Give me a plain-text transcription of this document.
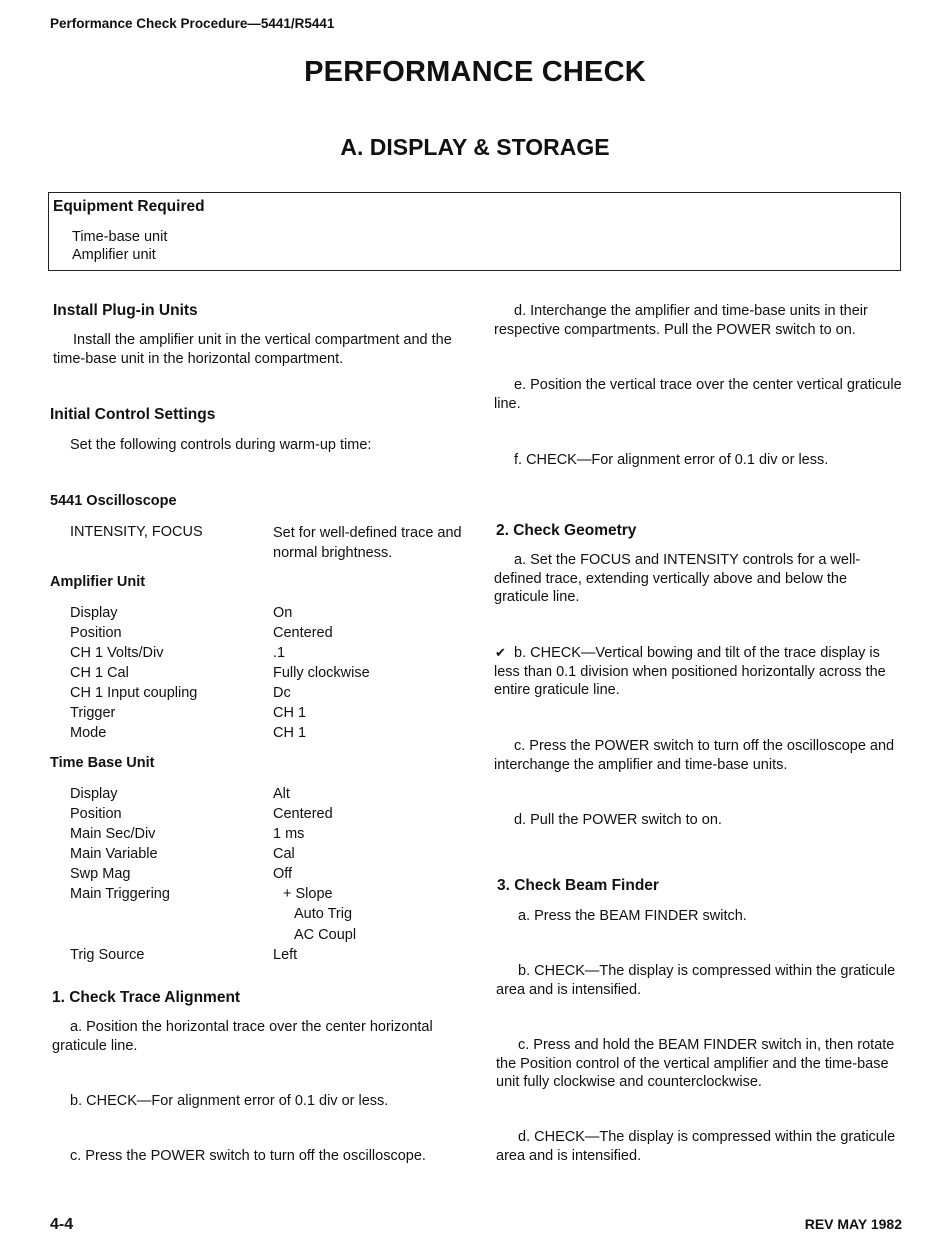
Performance Check Procedure—5441/R5441
PERFORMANCE CHECK
A. DISPLAY & STORAGE
Equipment Required
Time-base unit
Amplifier unit
Install Plug-in Units
Install the amplifier unit in the vertical compartment and the time-base unit in the horizontal compartment.
Initial Control Settings
Set the following controls during warm-up time:
5441 Oscilloscope
INTENSITY, FOCUS	Set for well-defined trace and normal brightness.
Amplifier Unit
Display	On
Position	Centered
CH 1 Volts/Div	.1
CH 1 Cal	Fully clockwise
CH 1 Input coupling	Dc
Trigger	CH 1
Mode	CH 1
Time Base Unit
Display	Alt
Position	Centered
Main Sec/Div	1 ms
Main Variable	Cal
Swp Mag	Off
Main Triggering	+ Slope
Auto Trig
AC Coupl
Trig Source	Left
1. Check Trace Alignment
a. Position the horizontal trace over the center horizontal graticule line.
b. CHECK—For alignment error of 0.1 div or less.
c. Press the POWER switch to turn off the oscilloscope.
d. Interchange the amplifier and time-base units in their respective compartments. Pull the POWER switch to on.
e. Position the vertical trace over the center vertical graticule line.
f. CHECK—For alignment error of 0.1 div or less.
2. Check Geometry
a. Set the FOCUS and INTENSITY controls for a well-defined trace, extending vertically above and below the graticule line.
✔ b. CHECK—Vertical bowing and tilt of the trace display is less than 0.1 division when positioned horizontally across the entire graticule line.
c. Press the POWER switch to turn off the oscilloscope and interchange the amplifier and time-base units.
d. Pull the POWER switch to on.
3. Check Beam Finder
a. Press the BEAM FINDER switch.
b. CHECK—The display is compressed within the graticule area and is intensified.
c. Press and hold the BEAM FINDER switch in, then rotate the Position control of the vertical amplifier and the time-base unit fully clockwise and counterclockwise.
d. CHECK—The display is compressed within the graticule area and is intensified.
4-4	REV MAY 1982
